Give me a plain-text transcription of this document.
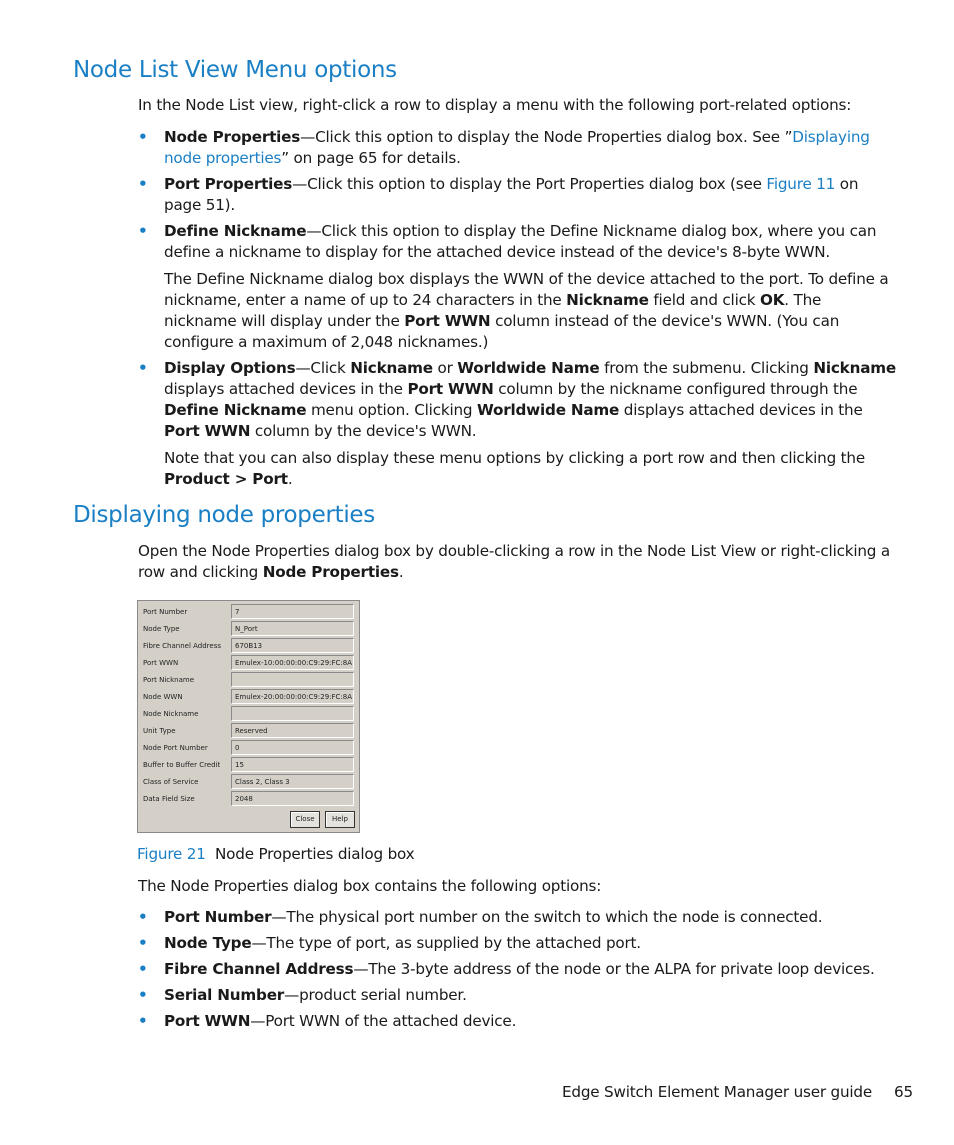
Node List View Menu options

In the Node List view, right-click a row to display a menu with the following port-related options:

• Node Properties—Click this option to display the Node Properties dialog box. See ”Displaying node properties” on page 65 for details.
• Port Properties—Click this option to display the Port Properties dialog box (see Figure 11 on page 51).
• Define Nickname—Click this option to display the Define Nickname dialog box, where you can define a nickname to display for the attached device instead of the device's 8-byte WWN.

The Define Nickname dialog box displays the WWN of the device attached to the port. To define a nickname, enter a name of up to 24 characters in the Nickname field and click OK. The nickname will display under the Port WWN column instead of the device's WWN. (You can configure a maximum of 2,048 nicknames.)

• Display Options—Click Nickname or Worldwide Name from the submenu. Clicking Nickname displays attached devices in the Port WWN column by the nickname configured through the Define Nickname menu option. Clicking Worldwide Name displays attached devices in the Port WWN column by the device's WWN.

Note that you can also display these menu options by clicking a port row and then clicking the Product > Port.

Displaying node properties

Open the Node Properties dialog box by double-clicking a row in the Node List View or right-clicking a row and clicking Node Properties.

Port Number	7
Node Type	N_Port
Fibre Channel Address	670B13
Port WWN	Emulex-10:00:00:00:C9:29:FC:8A
Port Nickname
Node WWN	Emulex-20:00:00:00:C9:29:FC:8A
Node Nickname
Unit Type	Reserved
Node Port Number	0
Buffer to Buffer Credit	15
Class of Service	Class 2, Class 3
Data Field Size	2048
Close	Help

Figure 21 Node Properties dialog box

The Node Properties dialog box contains the following options:

• Port Number—The physical port number on the switch to which the node is connected.
• Node Type—The type of port, as supplied by the attached port.
• Fibre Channel Address—The 3-byte address of the node or the ALPA for private loop devices.
• Serial Number—product serial number.
• Port WWN—Port WWN of the attached device.

Edge Switch Element Manager user guide 65
